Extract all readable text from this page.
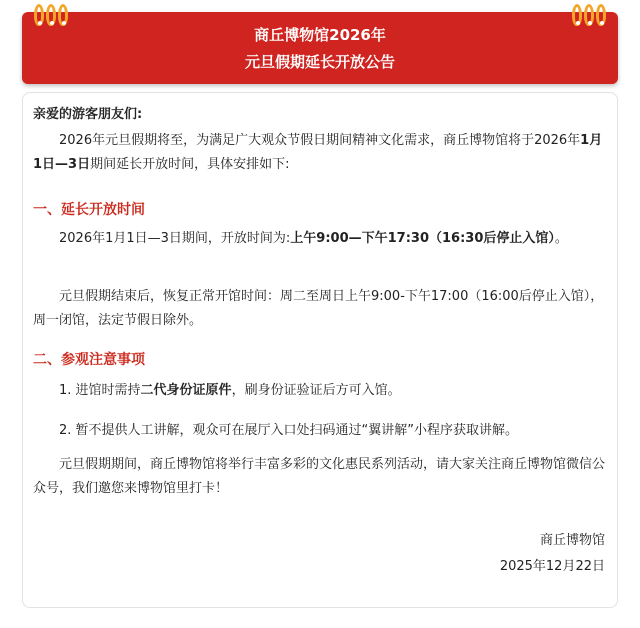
商丘博物馆2026年
元旦假期延长开放公告

亲爱的游客朋友们:

2026年元旦假期将至，为满足广大观众节假日期间精神文化需求，商丘博物馆将于2026年1月1日—3日期间延长开放时间，具体安排如下:

一、延长开放时间

2026年1月1日—3日期间，开放时间为:上午9:00—下午17:30（16:30后停止入馆）。

元旦假期结束后，恢复正常开馆时间：周二至周日上午9:00-下午17:00（16:00后停止入馆），周一闭馆，法定节假日除外。

二、参观注意事项

1. 进馆时需持二代身份证原件，刷身份证验证后方可入馆。

2. 暂不提供人工讲解，观众可在展厅入口处扫码通过“翼讲解”小程序获取讲解。

元旦假期期间，商丘博物馆将举行丰富多彩的文化惠民系列活动，请大家关注商丘博物馆微信公众号，我们邀您来博物馆里打卡！

商丘博物馆
2025年12月22日
